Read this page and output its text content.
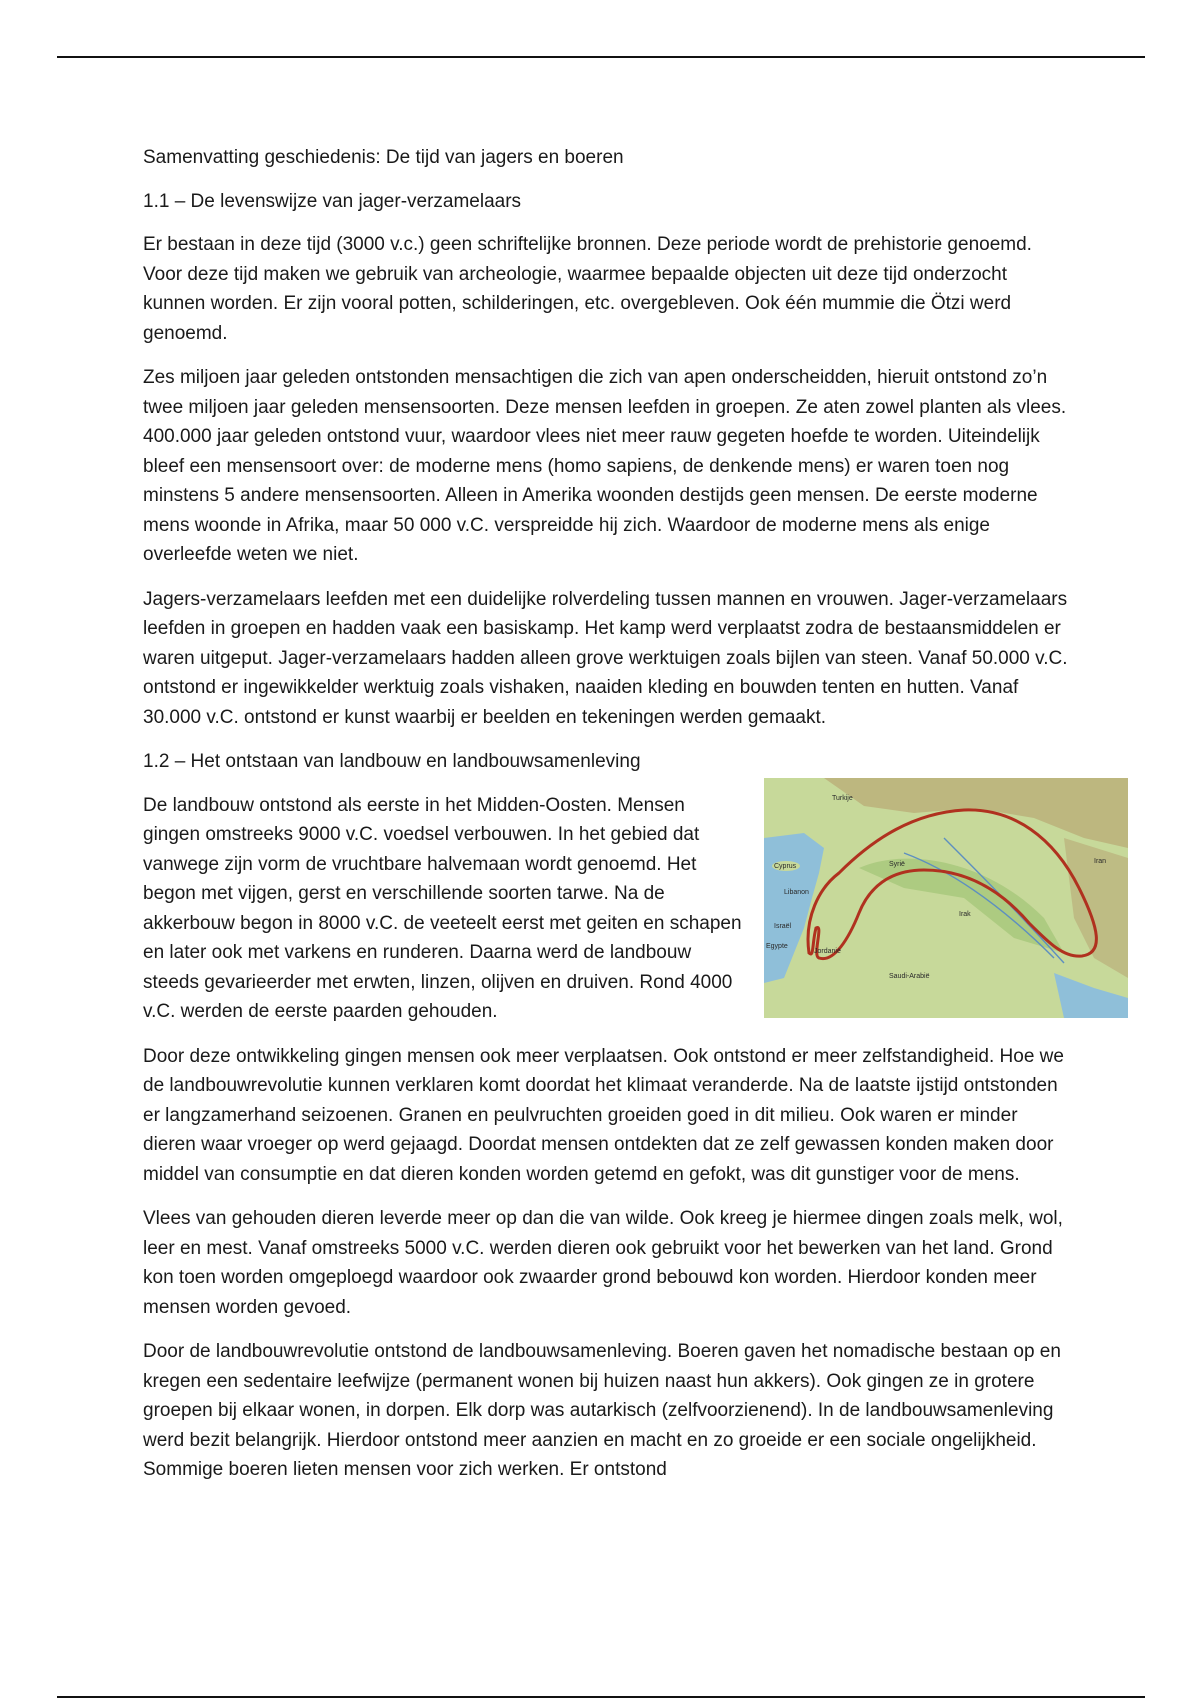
Samenvatting geschiedenis: De tijd van jagers en boeren

1.1 – De levenswijze van jager-verzamelaars

Er bestaan in deze tijd (3000 v.c.) geen schriftelijke bronnen. Deze periode wordt de prehistorie genoemd. Voor deze tijd maken we gebruik van archeologie, waarmee bepaalde objecten uit deze tijd onderzocht kunnen worden. Er zijn vooral potten, schilderingen, etc. overgebleven. Ook één mummie die Ötzi werd genoemd.

Zes miljoen jaar geleden ontstonden mensachtigen die zich van apen onderscheidden, hieruit ontstond zo’n twee miljoen jaar geleden mensensoorten. Deze mensen leefden in groepen. Ze aten zowel planten als vlees. 400.000 jaar geleden ontstond vuur, waardoor vlees niet meer rauw gegeten hoefde te worden. Uiteindelijk bleef een mensensoort over: de moderne mens (homo sapiens, de denkende mens) er waren toen nog minstens 5 andere mensensoorten. Alleen in Amerika woonden destijds geen mensen. De eerste moderne mens woonde in Afrika, maar 50 000 v.C. verspreidde hij zich. Waardoor de moderne mens als enige overleefde weten we niet.

Jagers-verzamelaars leefden met een duidelijke rolverdeling tussen mannen en vrouwen. Jager-verzamelaars leefden in groepen en hadden vaak een basiskamp. Het kamp werd verplaatst zodra de bestaansmiddelen er waren uitgeput. Jager-verzamelaars hadden alleen grove werktuigen zoals bijlen van steen. Vanaf 50.000 v.C. ontstond er ingewikkelder werktuig zoals vishaken, naaiden kleding en bouwden tenten en hutten. Vanaf 30.000 v.C. ontstond er kunst waarbij er beelden en tekeningen werden gemaakt.

1.2 – Het ontstaan van landbouw en landbouwsamenleving

De landbouw ontstond als eerste in het Midden-Oosten. Mensen gingen omstreeks 9000 v.C. voedsel verbouwen. In het gebied dat vanwege zijn vorm de vruchtbare halvemaan wordt genoemd. Het begon met vijgen, gerst en verschillende soorten tarwe. Na de akkerbouw begon in 8000 v.C. de veeteelt eerst met geiten en schapen en later ook met varkens en runderen. Daarna werd de landbouw steeds gevarieerder met erwten, linzen, olijven en druiven. Rond 4000 v.C. werden de eerste paarden gehouden.

Door deze ontwikkeling gingen mensen ook meer verplaatsen. Ook ontstond er meer zelfstandigheid. Hoe we de landbouwrevolutie kunnen verklaren komt doordat het klimaat veranderde. Na de laatste ijstijd ontstonden er langzamerhand seizoenen. Granen en peulvruchten groeiden goed in dit milieu. Ook waren er minder dieren waar vroeger op werd gejaagd. Doordat mensen ontdekten dat ze zelf gewassen konden maken door middel van consumptie en dat dieren konden worden getemd en gefokt, was dit gunstiger voor de mens.

Vlees van gehouden dieren leverde meer op dan die van wilde. Ook kreeg je hiermee dingen zoals melk, wol, leer en mest. Vanaf omstreeks 5000 v.C. werden dieren ook gebruikt voor het bewerken van het land. Grond kon toen worden omgeploegd waardoor ook zwaarder grond bebouwd kon worden. Hierdoor konden meer mensen worden gevoed.

Door de landbouwrevolutie ontstond de landbouwsamenleving. Boeren gaven het nomadische bestaan op en kregen een sedentaire leefwijze (permanent wonen bij huizen naast hun akkers). Ook gingen ze in grotere groepen bij elkaar wonen, in dorpen. Elk dorp was autarkisch (zelfvoorzienend). In de landbouwsamenleving werd bezit belangrijk. Hierdoor ontstond meer aanzien en macht en zo groeide er een sociale ongelijkheid. Sommige boeren lieten mensen voor zich werken. Er ontstond

Turkije
Cyprus	Syrië
Libanon
Israël
Jordanië
Egypte
Irak
Iran
Saudi-Arabië
